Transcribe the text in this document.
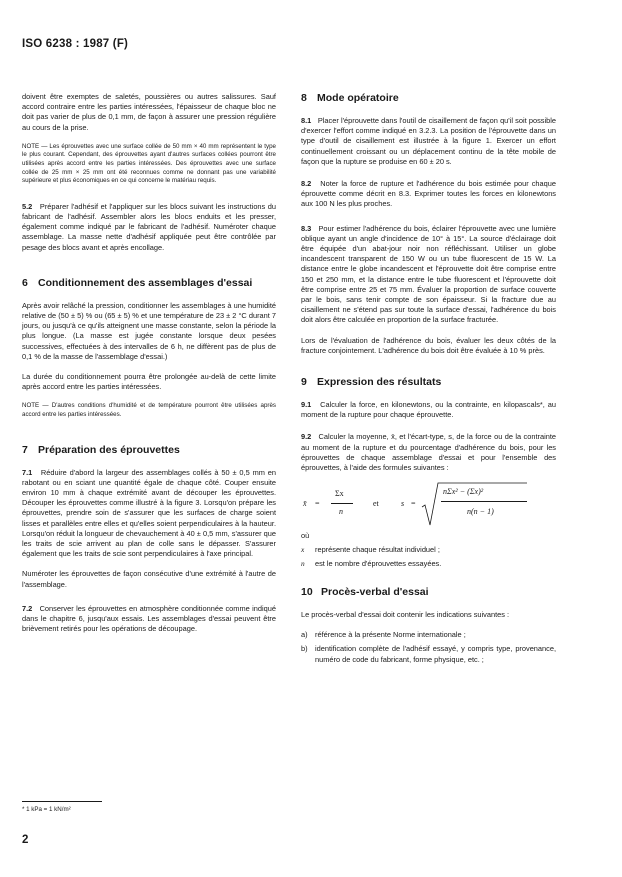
ISO 6238 : 1987 (F)

doivent être exemptes de saletés, poussières ou autres salissures. Sauf accord contraire entre les parties intéressées, l'épaisseur de chaque bloc ne doit pas varier de plus de 0,1 mm, de façon à assurer une pression régulière au cours de la prise.

NOTE — Les éprouvettes avec une surface collée de 50 mm × 40 mm représentent le type le plus courant. Cependant, des éprouvettes ayant d'autres surfaces collées pourront être utilisées après accord entre les parties intéressées. Des éprouvettes avec une surface collée de 25 mm × 25 mm ont été reconnues comme ne donnant pas une variabilité supérieure et plus économiques en ce qui concerne le matériau requis.

5.2 Préparer l'adhésif et l'appliquer sur les blocs suivant les instructions du fabricant de l'adhésif. Assembler alors les blocs enduits et les presser, également comme indiqué par le fabricant de l'adhésif. Numéroter chaque assemblage. La masse nette d'adhésif appliquée peut être contrôlée par pesage des blocs avant et après encollage.

6 Conditionnement des assemblages d'essai

Après avoir relâché la pression, conditionner les assemblages à une humidité relative de (50 ± 5) % ou (65 ± 5) % et une température de 23 ± 2 °C durant 7 jours, ou jusqu'à ce qu'ils atteignent une masse constante, selon la période la plus longue. (La masse est jugée constante lorsque deux pesées successives, effectuées à des intervalles de 6 h, ne diffèrent pas de plus de 0,1 % de la masse de l'assemblage d'essai.)

La durée du conditionnement pourra être prolongée au-delà de cette limite après accord entre les parties intéressées.

NOTE — D'autres conditions d'humidité et de température pourront être utilisées après accord entre les parties intéressées.

7 Préparation des éprouvettes

7.1 Réduire d'abord la largeur des assemblages collés à 50 ± 0,5 mm en rabotant ou en sciant une quantité égale de chaque côté. Couper ensuite environ 10 mm à chaque extrémité avant de découper les éprouvettes. Découper les éprouvettes comme illustré à la figure 3. Lorsqu'on prépare les éprouvettes, prendre soin de s'assurer que les surfaces de charge soient lisses et parallèles entre elles et qu'elles soient perpendiculaires à la hauteur. Lorsqu'on réduit la longueur de chevauchement à 40 ± 0,5 mm, s'assurer que les traits de scie arrivent au plan de colle sans le dépasser. S'assurer également que les traits de scie sont perpendiculaires à l'axe principal.

Numéroter les éprouvettes de façon consécutive d'une extrémité à l'autre de l'assemblage.

7.2 Conserver les éprouvettes en atmosphère conditionnée comme indiqué dans le chapitre 6, jusqu'aux essais. Les assemblages d'essai peuvent être brièvement retirés pour les opérations de découpage.

8 Mode opératoire

8.1 Placer l'éprouvette dans l'outil de cisaillement de façon qu'il soit possible d'exercer l'effort comme indiqué en 3.2.3. La position de l'éprouvette dans un type d'outil de cisaillement est illustrée à la figure 1. Exercer un effort continuellement croissant ou un déplacement continu de la tête mobile de façon que la rupture se produise en 60 ± 20 s.

8.2 Noter la force de rupture et l'adhérence du bois estimée pour chaque éprouvette comme décrit en 8.3. Exprimer toutes les forces en kilonewtons aux 100 N les plus proches.

8.3 Pour estimer l'adhérence du bois, éclairer l'éprouvette avec une lumière oblique ayant un angle d'incidence de 10° à 15°. La source d'éclairage doit être équipée d'un abat-jour noir non réfléchissant. Utiliser un globe incandescent transparent de 150 W ou un tube fluorescent de 15 W. La distance entre le globe incandescent et l'éprouvette doit être comprise entre 150 et 250 mm, et la distance entre le tube fluorescent et l'éprouvette doit être comprise entre 25 et 75 mm. Évaluer la proportion de surface couverte par le bois, sans tenir compte de son épaisseur. Si la fracture due au cisaillement ne s'étend pas sur toute la surface d'essai, l'adhérence du bois doit alors être calculée en proportion de la surface fracturée.

Lors de l'évaluation de l'adhérence du bois, évaluer les deux côtés de la fracture conjointement. L'adhérence du bois doit être évaluée à 10 % près.

9 Expression des résultats

9.1 Calculer la force, en kilonewtons, ou la contrainte, en kilopascals*, au moment de la rupture pour chaque éprouvette.

9.2 Calculer la moyenne, x̄, et l'écart-type, s, de la force ou de la contrainte au moment de la rupture et du pourcentage d'adhérence du bois, pour les éprouvettes de chaque assemblage d'essai et pour l'ensemble des éprouvettes, à l'aide des formules suivantes :

x̄ =
Σx
n
et	s =
nΣx² − (Σx)²
n(n − 1)

où

x	représente chaque résultat individuel ;
n	est le nombre d'éprouvettes essayées.
10 Procès-verbal d'essai

Le procès-verbal d'essai doit contenir les indications suivantes :

a)	référence à la présente Norme internationale ;
b)	identification complète de l'adhésif essayé, y compris type, provenance, numéro de code du fabricant, forme physique, etc. ;
* 1 kPa = 1 kN/m²
2
